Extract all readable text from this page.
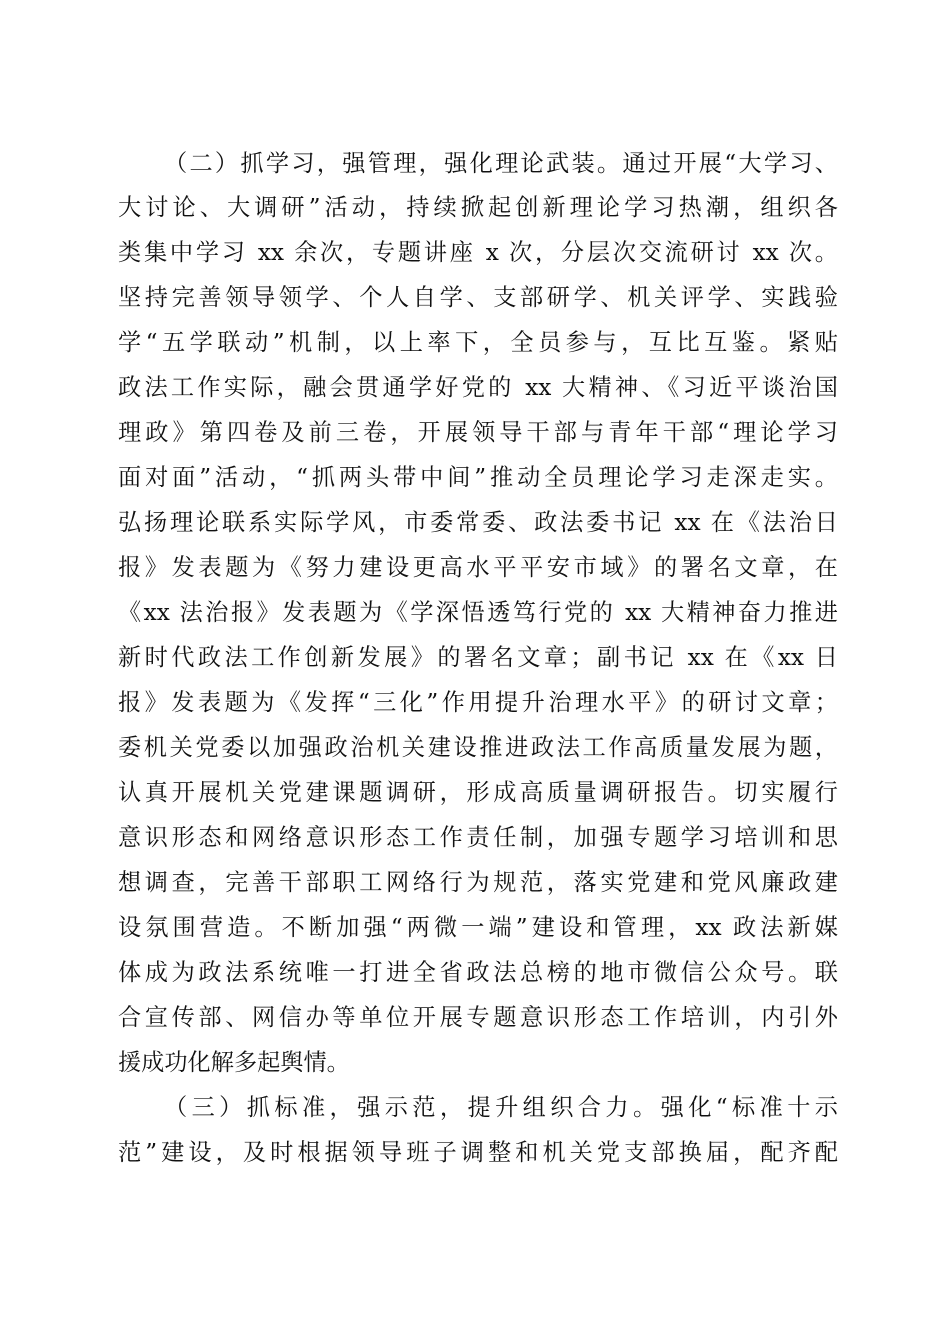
（二）抓学习，强管理，强化理论武装。通过开展“大学习、
大讨论、大调研”活动，持续掀起创新理论学习热潮，组织各
类集中学习 xx 余次，专题讲座 x 次，分层次交流研讨 xx 次。
坚持完善领导领学、个人自学、支部研学、机关评学、实践验
学“五学联动”机制，以上率下，全员参与，互比互鉴。紧贴
政法工作实际，融会贯通学好党的 xx 大精神、《习近平谈治国
理政》第四卷及前三卷，开展领导干部与青年干部“理论学习
面对面”活动，“抓两头带中间”推动全员理论学习走深走实。
弘扬理论联系实际学风，市委常委、政法委书记 xx 在《法治日
报》发表题为《努力建设更高水平平安市域》的署名文章，在
《xx 法治报》发表题为《学深悟透笃行党的 xx 大精神奋力推进
新时代政法工作创新发展》的署名文章；副书记 xx 在《xx 日
报》发表题为《发挥“三化”作用提升治理水平》的研讨文章；
委机关党委以加强政治机关建设推进政法工作高质量发展为题，
认真开展机关党建课题调研，形成高质量调研报告。切实履行
意识形态和网络意识形态工作责任制，加强专题学习培训和思
想调查，完善干部职工网络行为规范，落实党建和党风廉政建
设氛围营造。不断加强“两微一端”建设和管理，xx 政法新媒
体成为政法系统唯一打进全省政法总榜的地市微信公众号。联
合宣传部、网信办等单位开展专题意识形态工作培训，内引外
援成功化解多起舆情。
（三）抓标准，强示范，提升组织合力。强化“标准十示
范”建设，及时根据领导班子调整和机关党支部换届，配齐配
